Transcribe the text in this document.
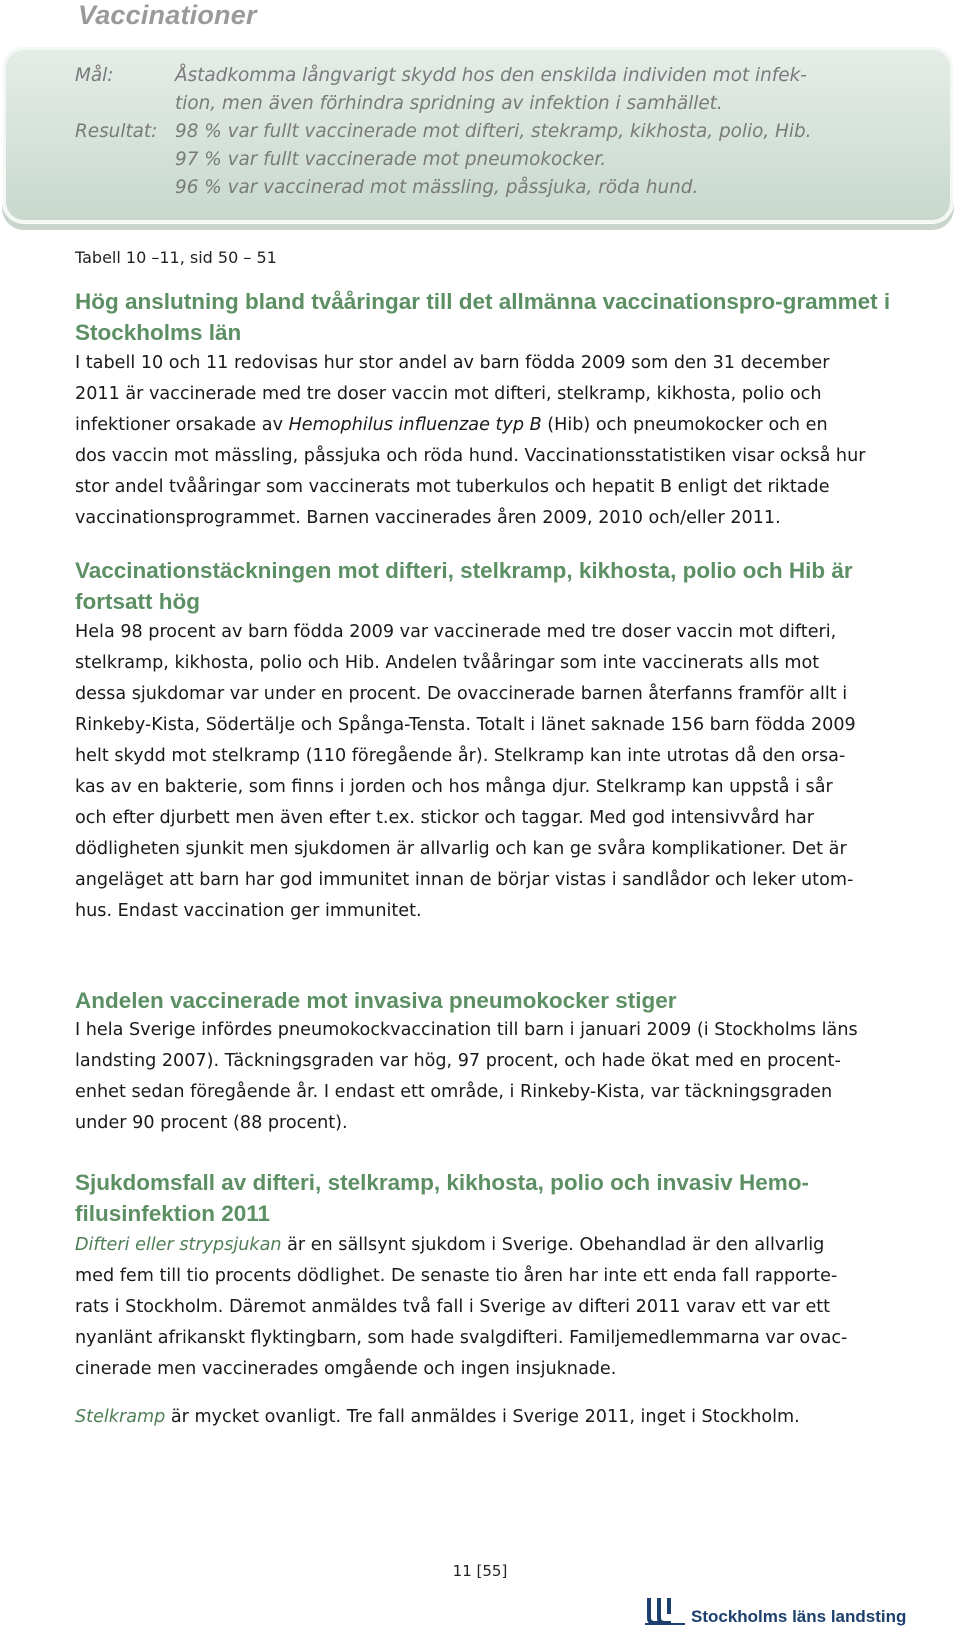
Vaccinationer
Mål:	Åstadkomma långvarigt skydd hos den enskilda individen mot infek-
tion, men även förhindra spridning av infektion i samhället.
Resultat: 98 % var fullt vaccinerade mot difteri, stekramp, kikhosta, polio, Hib.
97 % var fullt vaccinerade mot pneumokocker.
96 % var vaccinerad mot mässling, påssjuka, röda hund.
Tabell 10 –11, sid 50 – 51
Hög anslutning bland tvååringar till det allmänna vaccinationspro-grammet i Stockholms län
I tabell 10 och 11 redovisas hur stor andel av barn födda 2009 som den 31 december
2011 är vaccinerade med tre doser vaccin mot difteri, stelkramp, kikhosta, polio och
infektioner orsakade av Hemophilus influenzae typ B (Hib) och pneumokocker och en
dos vaccin mot mässling, påssjuka och röda hund. Vaccinationsstatistiken visar också hur
stor andel tvååringar som vaccinerats mot tuberkulos och hepatit B enligt det riktade
vaccinationsprogrammet. Barnen vaccinerades åren 2009, 2010 och/eller 2011.
Vaccinationstäckningen mot difteri, stelkramp, kikhosta, polio och Hib är fortsatt hög
Hela 98 procent av barn födda 2009 var vaccinerade med tre doser vaccin mot difteri,
stelkramp, kikhosta, polio och Hib. Andelen tvååringar som inte vaccinerats alls mot
dessa sjukdomar var under en procent. De ovaccinerade barnen återfanns framför allt i
Rinkeby-Kista, Södertälje och Spånga-Tensta. Totalt i länet saknade 156 barn födda 2009
helt skydd mot stelkramp (110 föregående år). Stelkramp kan inte utrotas då den orsa-
kas av en bakterie, som finns i jorden och hos många djur. Stelkramp kan uppstå i sår
och efter djurbett men även efter t.ex. stickor och taggar. Med god intensivvård har
dödligheten sjunkit men sjukdomen är allvarlig och kan ge svåra komplikationer. Det är
angeläget att barn har god immunitet innan de börjar vistas i sandlådor och leker utom-
hus. Endast vaccination ger immunitet.
Andelen vaccinerade mot invasiva pneumokocker stiger
I hela Sverige infördes pneumokockvaccination till barn i januari 2009 (i Stockholms läns
landsting 2007). Täckningsgraden var hög, 97 procent, och hade ökat med en procent-
enhet sedan föregående år. I endast ett område, i Rinkeby-Kista, var täckningsgraden
under 90 procent (88 procent).
Sjukdomsfall av difteri, stelkramp, kikhosta, polio och invasiv Hemo-filusinfektion 2011
Difteri eller strypsjukan är en sällsynt sjukdom i Sverige. Obehandlad är den allvarlig
med fem till tio procents dödlighet. De senaste tio åren har inte ett enda fall rapporte-
rats i Stockholm. Däremot anmäldes två fall i Sverige av difteri 2011 varav ett var ett
nyanlänt afrikanskt flyktingbarn, som hade svalgdifteri. Familjemedlemmarna var ovac-
cinerade men vaccinerades omgående och ingen insjuknade.
Stelkramp är mycket ovanligt. Tre fall anmäldes i Sverige 2011, inget i Stockholm.
11 [55]
Stockholms läns landsting
